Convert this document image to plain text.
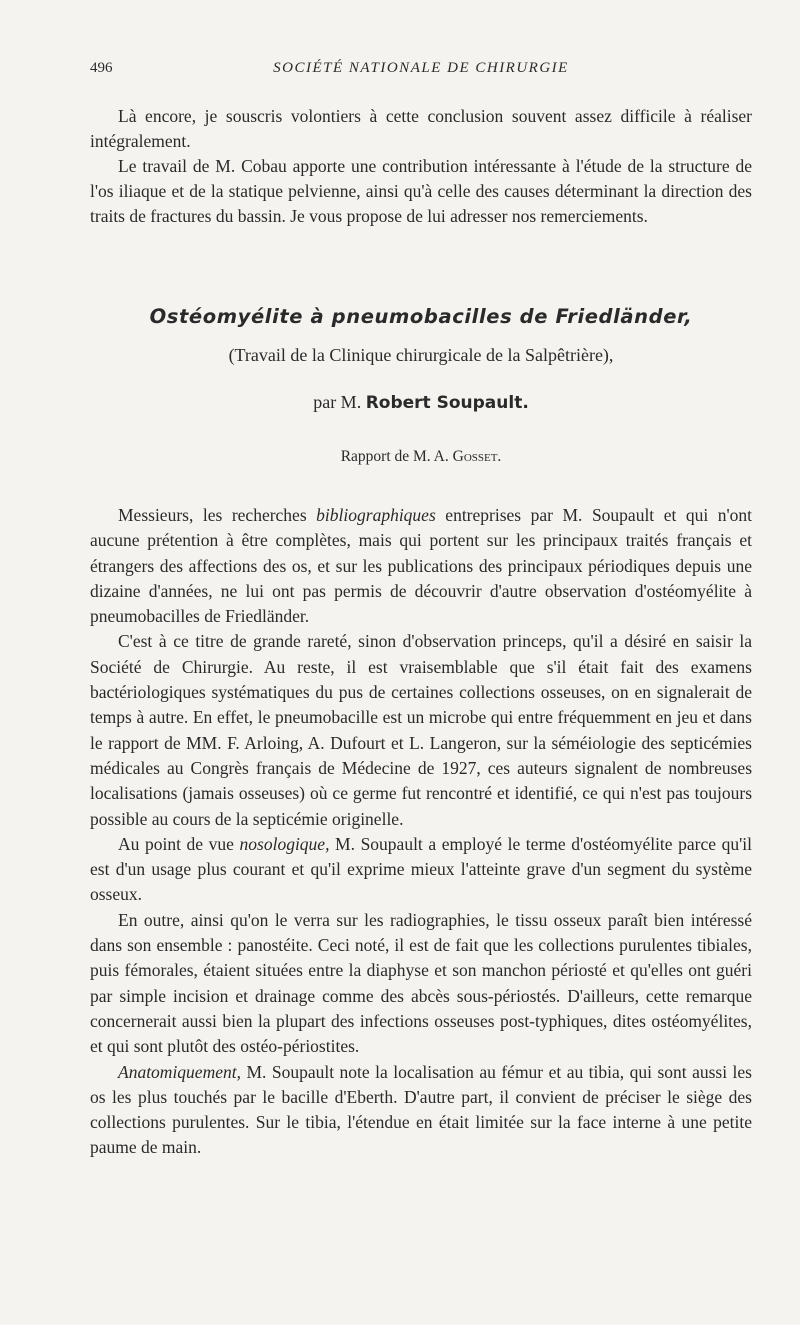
496	SOCIÉTÉ NATIONALE DE CHIRURGIE

Là encore, je souscris volontiers à cette conclusion souvent assez difficile à réaliser intégralement.

Le travail de M. Cobau apporte une contribution intéressante à l'étude de la structure de l'os iliaque et de la statique pelvienne, ainsi qu'à celle des causes déterminant la direction des traits de fractures du bassin. Je vous propose de lui adresser nos remerciements.

Ostéomyélite à pneumobacilles de Friedländer,
(Travail de la Clinique chirurgicale de la Salpêtrière),
par M. Robert Soupault.
Rapport de M. A. Gosset.

Messieurs, les recherches bibliographiques entreprises par M. Soupault et qui n'ont aucune prétention à être complètes, mais qui portent sur les principaux traités français et étrangers des affections des os, et sur les publications des principaux périodiques depuis une dizaine d'années, ne lui ont pas permis de découvrir d'autre observation d'ostéomyélite à pneumobacilles de Friedländer.

C'est à ce titre de grande rareté, sinon d'observation princeps, qu'il a désiré en saisir la Société de Chirurgie. Au reste, il est vraisemblable que s'il était fait des examens bactériologiques systématiques du pus de certaines collections osseuses, on en signalerait de temps à autre. En effet, le pneumobacille est un microbe qui entre fréquemment en jeu et dans le rapport de MM. F. Arloing, A. Dufourt et L. Langeron, sur la séméiologie des septicémies médicales au Congrès français de Médecine de 1927, ces auteurs signalent de nombreuses localisations (jamais osseuses) où ce germe fut rencontré et identifié, ce qui n'est pas toujours possible au cours de la septicémie originelle.

Au point de vue nosologique, M. Soupault a employé le terme d'ostéomyélite parce qu'il est d'un usage plus courant et qu'il exprime mieux l'atteinte grave d'un segment du système osseux.

En outre, ainsi qu'on le verra sur les radiographies, le tissu osseux paraît bien intéressé dans son ensemble : panostéite. Ceci noté, il est de fait que les collections purulentes tibiales, puis fémorales, étaient situées entre la diaphyse et son manchon périosté et qu'elles ont guéri par simple incision et drainage comme des abcès sous-périostés. D'ailleurs, cette remarque concernerait aussi bien la plupart des infections osseuses post-typhiques, dites ostéomyélites, et qui sont plutôt des ostéo-périostites.

Anatomiquement, M. Soupault note la localisation au fémur et au tibia, qui sont aussi les os les plus touchés par le bacille d'Eberth. D'autre part, il convient de préciser le siège des collections purulentes. Sur le tibia, l'étendue en était limitée sur la face interne à une petite paume de main.
